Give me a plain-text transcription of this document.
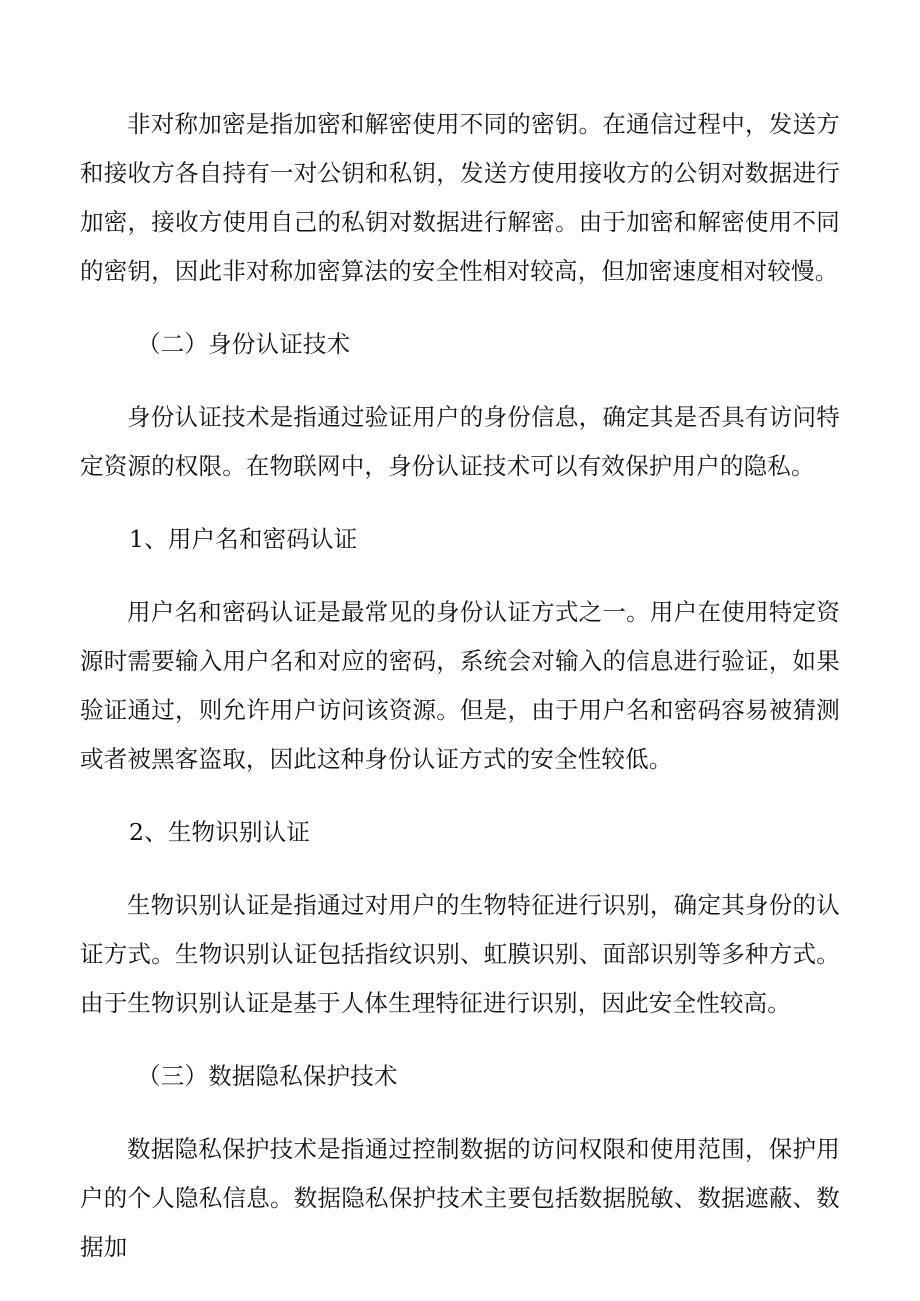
非对称加密是指加密和解密使用不同的密钥。在通信过程中，发送方和接收方各自持有一对公钥和私钥，发送方使用接收方的公钥对数据进行加密，接收方使用自己的私钥对数据进行解密。由于加密和解密使用不同的密钥，因此非对称加密算法的安全性相对较高，但加密速度相对较慢。

（二）身份认证技术

身份认证技术是指通过验证用户的身份信息，确定其是否具有访问特定资源的权限。在物联网中，身份认证技术可以有效保护用户的隐私。

1、用户名和密码认证

用户名和密码认证是最常见的身份认证方式之一。用户在使用特定资源时需要输入用户名和对应的密码，系统会对输入的信息进行验证，如果验证通过，则允许用户访问该资源。但是，由于用户名和密码容易被猜测或者被黑客盗取，因此这种身份认证方式的安全性较低。

2、生物识别认证

生物识别认证是指通过对用户的生物特征进行识别，确定其身份的认证方式。生物识别认证包括指纹识别、虹膜识别、面部识别等多种方式。由于生物识别认证是基于人体生理特征进行识别，因此安全性较高。

（三）数据隐私保护技术

数据隐私保护技术是指通过控制数据的访问权限和使用范围，保护用户的个人隐私信息。数据隐私保护技术主要包括数据脱敏、数据遮蔽、数据加
